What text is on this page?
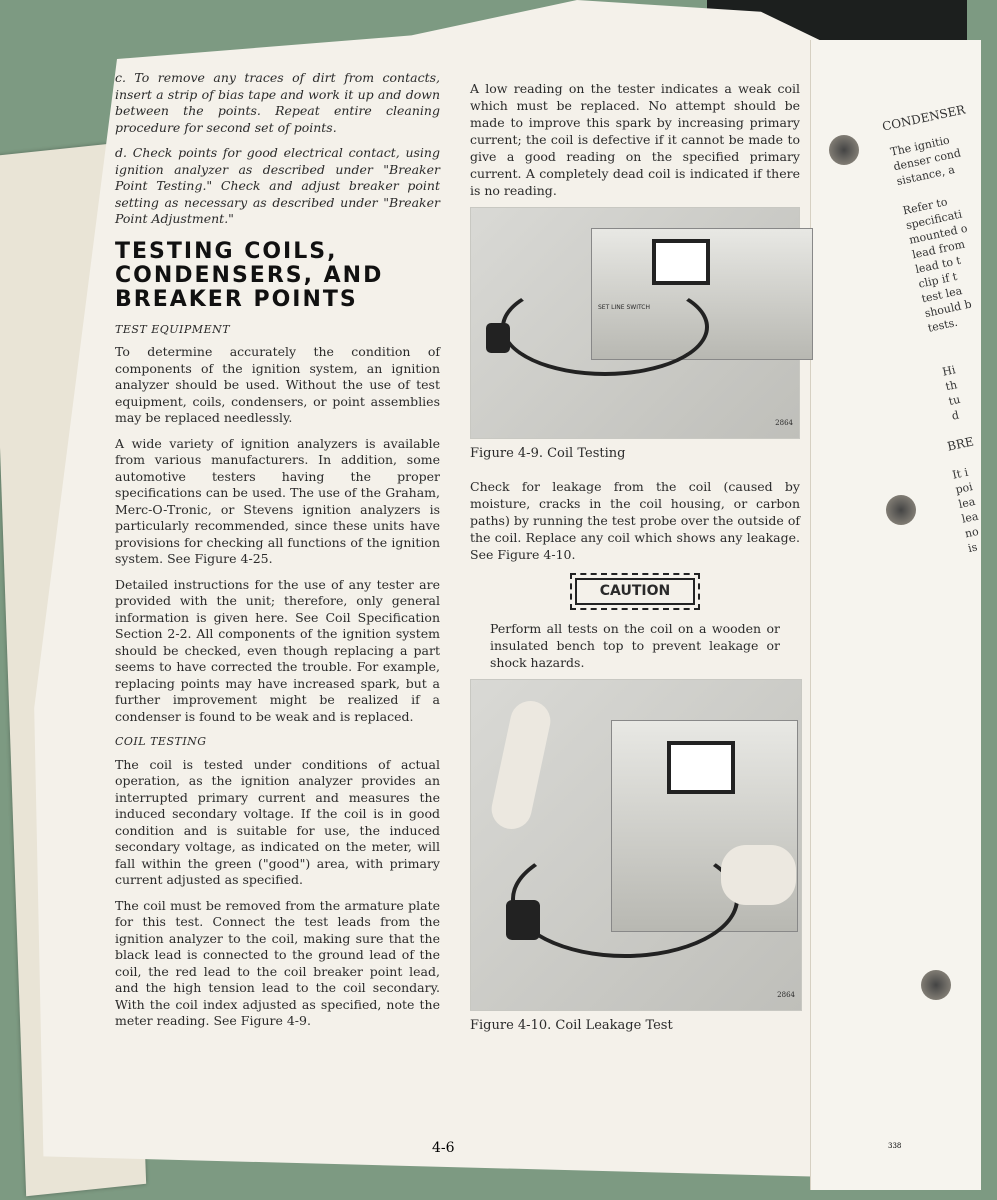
CONDENSER
The ignitio
denser cond
sistance, a

Refer to
specificati
mounted o
lead from
lead to t
clip if t
test lea
should b
tests.
Hi
th
tu
d
BRE
It i
poi
lea
lea
no
is

c. To remove any traces of dirt from contacts, insert a strip of bias tape and work it up and down between the points. Repeat entire cleaning procedure for second set of points.

d. Check points for good electrical contact, using ignition analyzer as described under "Breaker Point Testing." Check and adjust breaker point setting as necessary as described under "Breaker Point Adjustment."

TESTING COILS, CONDENSERS, AND BREAKER POINTS
TEST EQUIPMENT

To determine accurately the condition of components of the ignition system, an ignition analyzer should be used. Without the use of test equipment, coils, condensers, or point assemblies may be replaced needlessly.

A wide variety of ignition analyzers is available from various manufacturers. In addition, some automotive testers having the proper specifications can be used. The use of the Graham, Merc-O-Tronic, or Stevens ignition analyzers is particularly recommended, since these units have provisions for checking all functions of the ignition system. See Figure 4-25.

Detailed instructions for the use of any tester are provided with the unit; therefore, only general information is given here. See Coil Specification Section 2-2. All components of the ignition system should be checked, even though replacing a part seems to have corrected the trouble. For example, replacing points may have increased spark, but a further improvement might be realized if a condenser is found to be weak and is replaced.

COIL TESTING

The coil is tested under conditions of actual operation, as the ignition analyzer provides an interrupted primary current and measures the induced secondary voltage. If the coil is in good condition and is suitable for use, the induced secondary voltage, as indicated on the meter, will fall within the green ("good") area, with primary current adjusted as specified.

The coil must be removed from the armature plate for this test. Connect the test leads from the ignition analyzer to the coil, making sure that the black lead is connected to the ground lead of the coil, the red lead to the coil breaker point lead, and the high tension lead to the coil secondary. With the coil index adjusted as specified, note the meter reading. See Figure 4-9.

A low reading on the tester indicates a weak coil which must be replaced. No attempt should be made to improve this spark by increasing primary current; the coil is defective if it cannot be made to give a good reading on the specified primary current. A completely dead coil is indicated if there is no reading.

SET LINE SWITCH
2864
Figure 4-9. Coil Testing

Check for leakage from the coil (caused by moisture, cracks in the coil housing, or carbon paths) by running the test probe over the outside of the coil. Replace any coil which shows any leakage. See Figure 4-10.

CAUTION

Perform all tests on the coil on a wooden or insulated bench top to prevent leakage or shock hazards.

2864
Figure 4-10. Coil Leakage Test
4-6	338
